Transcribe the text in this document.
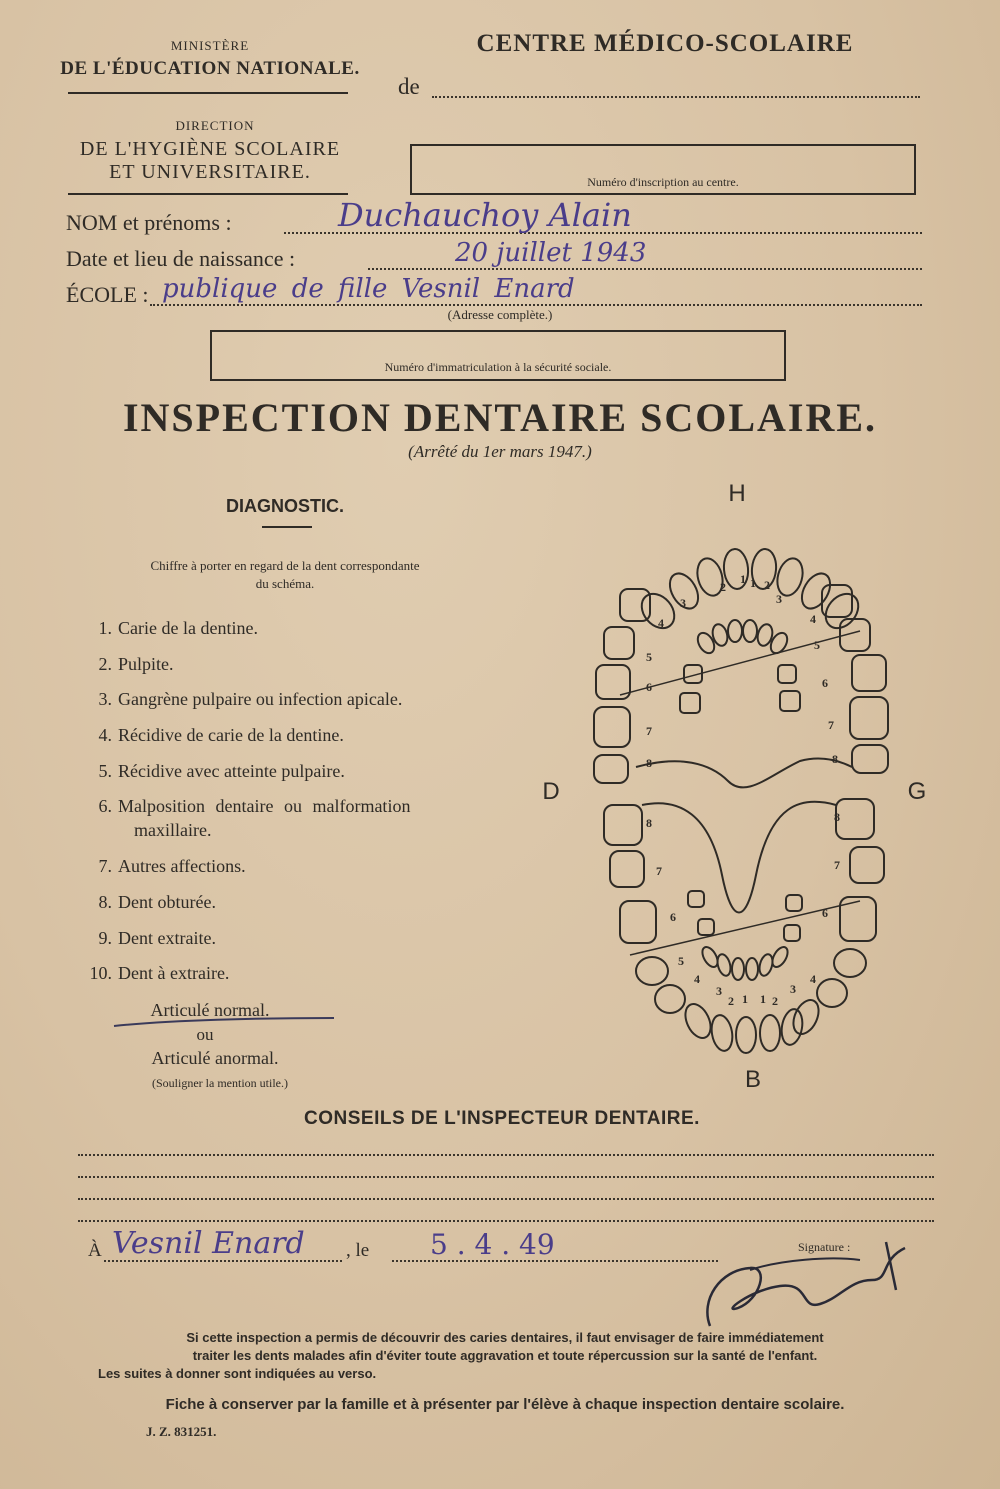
MINISTÈRE
DE L'ÉDUCATION NATIONALE.
DIRECTION
DE L'HYGIÈNE SCOLAIRE
ET UNIVERSITAIRE.
CENTRE MÉDICO-SCOLAIRE
de
Numéro d'inscription au centre.
NOM et prénoms :	Duchauchoy Alain
Date et lieu de naissance :	20 juillet 1943
ÉCOLE : publique de fille Vesnil Enard
(Adresse complète.)
Numéro d'immatriculation à la sécurité sociale.
INSPECTION DENTAIRE SCOLAIRE.
(Arrêté du 1er mars 1947.)
DIAGNOSTIC.
Chiffre à porter en regard de la dent correspondante
du schéma.
1. Carie de la dentine.
2. Pulpite.
3. Gangrène pulpaire ou infection apicale.
4. Récidive de carie de la dentine.
5. Récidive avec atteinte pulpaire.
6. Malposition dentaire ou malformation
maxillaire.
7. Autres affections.
8. Dent obturée.
9. Dent extraite.
10. Dent à extraire.
Articulé normal.
ou
Articulé anormal.
(Souligner la mention utile.)
H
B
D	G
1 1
2	2
3	3
4	4
5
5
6	6
7	7
8	8
8	8
7	7
6	6
5
4
4
3
3
2 1 1 2
CONSEILS DE L'INSPECTEUR DENTAIRE.
À Vesnil Enard , le 5 . 4 . 49	Signature :
Si cette inspection a permis de découvrir des caries dentaires, il faut envisager de faire immédiatement
traiter les dents malades afin d'éviter toute aggravation et toute répercussion sur la santé de l'enfant.
Les suites à donner sont indiquées au verso.
Fiche à conserver par la famille et à présenter par l'élève à chaque inspection dentaire scolaire.
J. Z. 831251.
